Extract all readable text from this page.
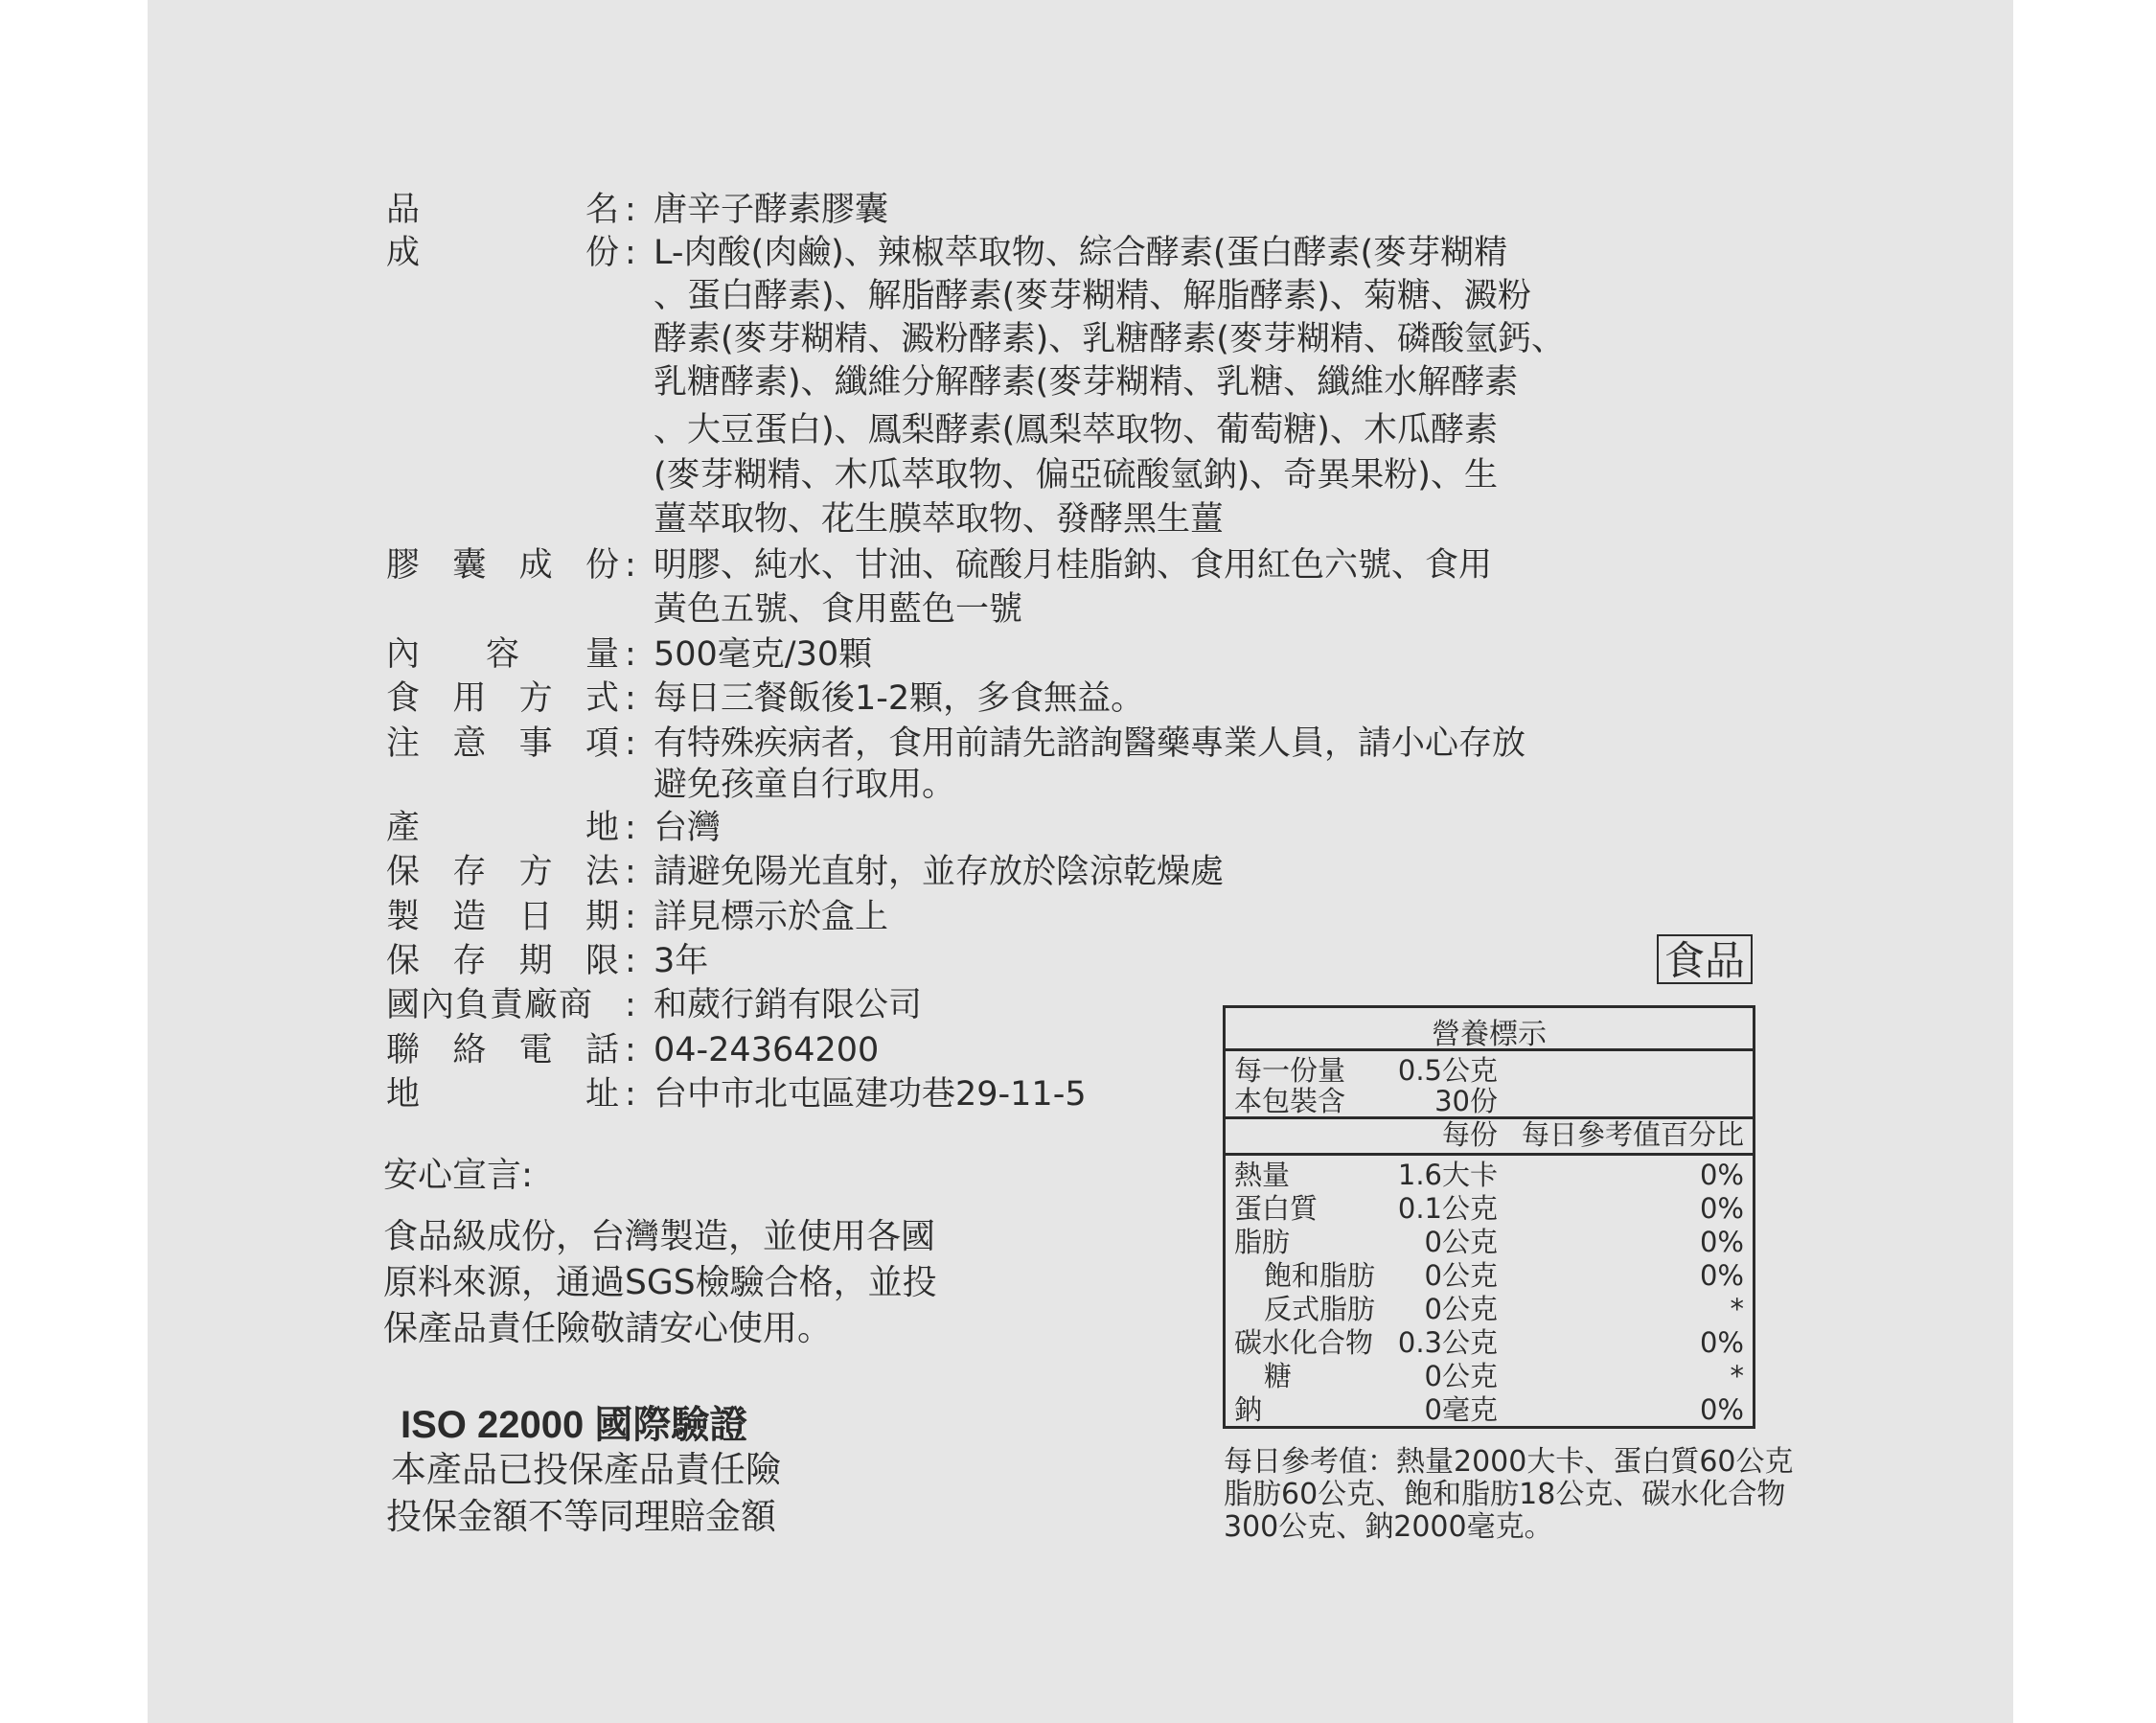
品	名 : 唐辛子酵素膠囊
成	份 : L-肉酸(肉鹼)、辣椒萃取物、綜合酵素(蛋白酵素(麥芽糊精
、蛋白酵素)、解脂酵素(麥芽糊精、解脂酵素)、菊糖、澱粉
酵素(麥芽糊精、澱粉酵素)、乳糖酵素(麥芽糊精、磷酸氫鈣、
乳糖酵素)、纖維分解酵素(麥芽糊精、乳糖、纖維水解酵素
、大豆蛋白)、鳳梨酵素(鳳梨萃取物、葡萄糖)、木瓜酵素
(麥芽糊精、木瓜萃取物、偏亞硫酸氫鈉)、奇異果粉)、生
薑萃取物、花生膜萃取物、發酵黑生薑
膠 囊 成 份 : 明膠、純水、甘油、硫酸月桂脂鈉、食用紅色六號、食用
黃色五號、食用藍色一號
內 容 量 : 500毫克/30顆
食 用 方 式 : 每日三餐飯後1-2顆，多食無益。
注 意 事 項 : 有特殊疾病者，食用前請先諮詢醫藥專業人員，請小心存放
避免孩童自行取用。
產	地 : 台灣
保 存 方 法 : 請避免陽光直射，並存放於陰涼乾燥處
製 造 日 期 : 詳見標示於盒上
保 存 期 限 : 3年
國內負責廠商 : 和葳行銷有限公司
聯 絡 電 話 : 04-24364200
地	址 : 台中市北屯區建功巷29-11-5
安心宣言:
食品級成份，台灣製造，並使用各國
原料來源，通過SGS檢驗合格，並投
保產品責任險敬請安心使用。
ISO 22000 國際驗證
本產品已投保產品責任險
投保金額不等同理賠金額
食品
營養標示
每一份量 0.5公克
本包裝含	30份
每份 每日參考值百分比
熱量	1.6大卡	0%
蛋白質	0.1公克	0%
脂肪	0公克	0%
飽和脂肪 0公克	0%
反式脂肪 0公克	*
碳水化合物 0.3公克	0%
糖	0公克	*
鈉	0毫克	0%
每日參考值：熱量2000大卡、蛋白質60公克
脂肪60公克、飽和脂肪18公克、碳水化合物
300公克、鈉2000毫克。
